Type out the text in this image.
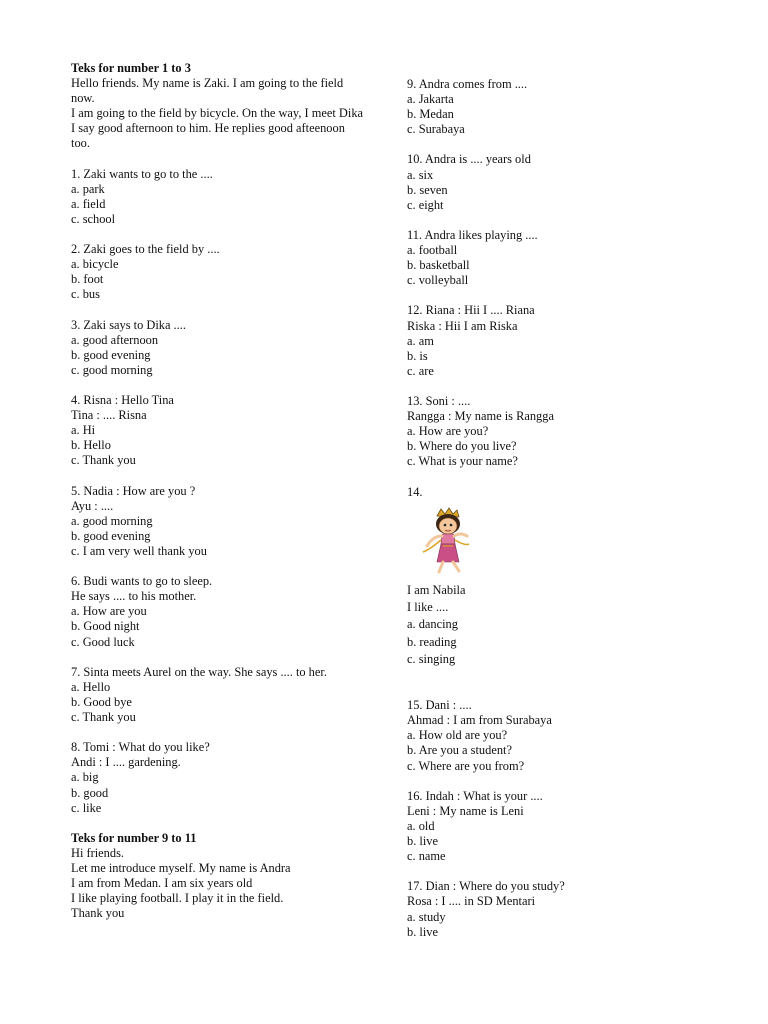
Teks for number 1 to 3

Hello friends. My name is Zaki. I am going to the field now.

I am going to the field by bicycle. On the way, I meet Dika

I say good afternoon to him. He replies good afteenoon too.

1. Zaki wants to go to the ....

a. park

a. field

c. school

2. Zaki goes to the field by ....

a. bicycle

b. foot

c. bus

3. Zaki says to Dika ....

a. good afternoon

b. good evening

c. good morning

4. Risna : Hello Tina

Tina : .... Risna

a. Hi

b. Hello

c. Thank you

5. Nadia : How are you ?

Ayu : ....

a. good morning

b. good evening

c. I am very well thank you

6. Budi wants to go to sleep.

He says .... to his mother.

a. How are you

b. Good night

c. Good luck

7. Sinta meets Aurel on the way. She says .... to her.

a. Hello

b. Good bye

c. Thank you

8. Tomi : What do you like?

Andi : I .... gardening.

a. big

b. good

c. like

Teks for number 9 to 11

Hi friends.

Let me introduce myself. My name is Andra

I am from Medan. I am six years old

I like playing football. I play it in the field.

Thank you

9. Andra comes from ....

a. Jakarta

b. Medan

c. Surabaya

10. Andra is .... years old

a. six

b. seven

c. eight

11. Andra likes playing ....

a. football

b. basketball

c. volleyball

12. Riana : Hii I .... Riana

Riska : Hii I am Riska

a. am

b. is

c. are

13. Soni : ....

Rangga : My name is Rangga

a. How are you?

b. Where do you live?

c. What is your name?

14.

I am Nabila

I like ....

a. dancing

b. reading

c. singing

15. Dani : ....

Ahmad : I am from Surabaya

a. How old are you?

b. Are you a student?

c. Where are you from?

16. Indah : What is your ....

Leni : My name is Leni

a. old

b. live

c. name

17. Dian : Where do you study?

Rosa : I .... in SD Mentari

a. study

b. live
